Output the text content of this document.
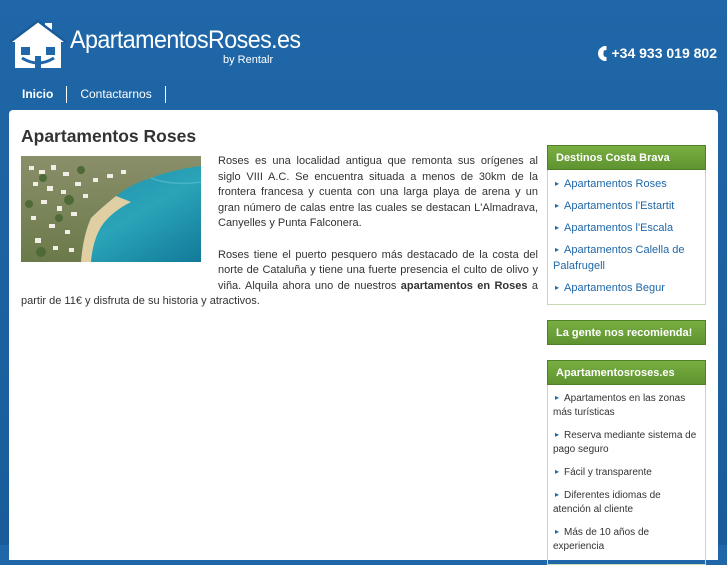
ApartamentosRoses.es
by Rentalr	+34 933 019 802
Inicio	Contactarnos
Apartamentos Roses

Roses es una localidad antigua que remonta sus orígenes al siglo VIII A.C. Se encuentra situada a menos de 30km de la frontera francesa y cuenta con una larga playa de arena y un gran número de calas entre las cuales se destacan L'Almadrava, Canyelles y Punta Falconera.

Roses tiene el puerto pesquero más destacado de la costa del norte de Cataluña y tiene una fuerte presencia el culto de olivo y viña. Alquila ahora uno de nuestros apartamentos en Roses a partir de 11€ y disfruta de su historia y atractivos.

Destinos Costa Brava
▸ Apartamentos Roses
▸ Apartamentos l'Estartit
▸ Apartamentos l'Escala
▸ Apartamentos Calella de Palafrugell
▸ Apartamentos Begur
La gente nos recomienda!
Apartamentosroses.es
▸ Apartamentos en las zonas más turísticas
▸ Reserva mediante sistema de pago seguro
▸ Fácil y transparente
▸ Diferentes idiomas de atención al cliente
▸ Más de 10 años de experiencia
